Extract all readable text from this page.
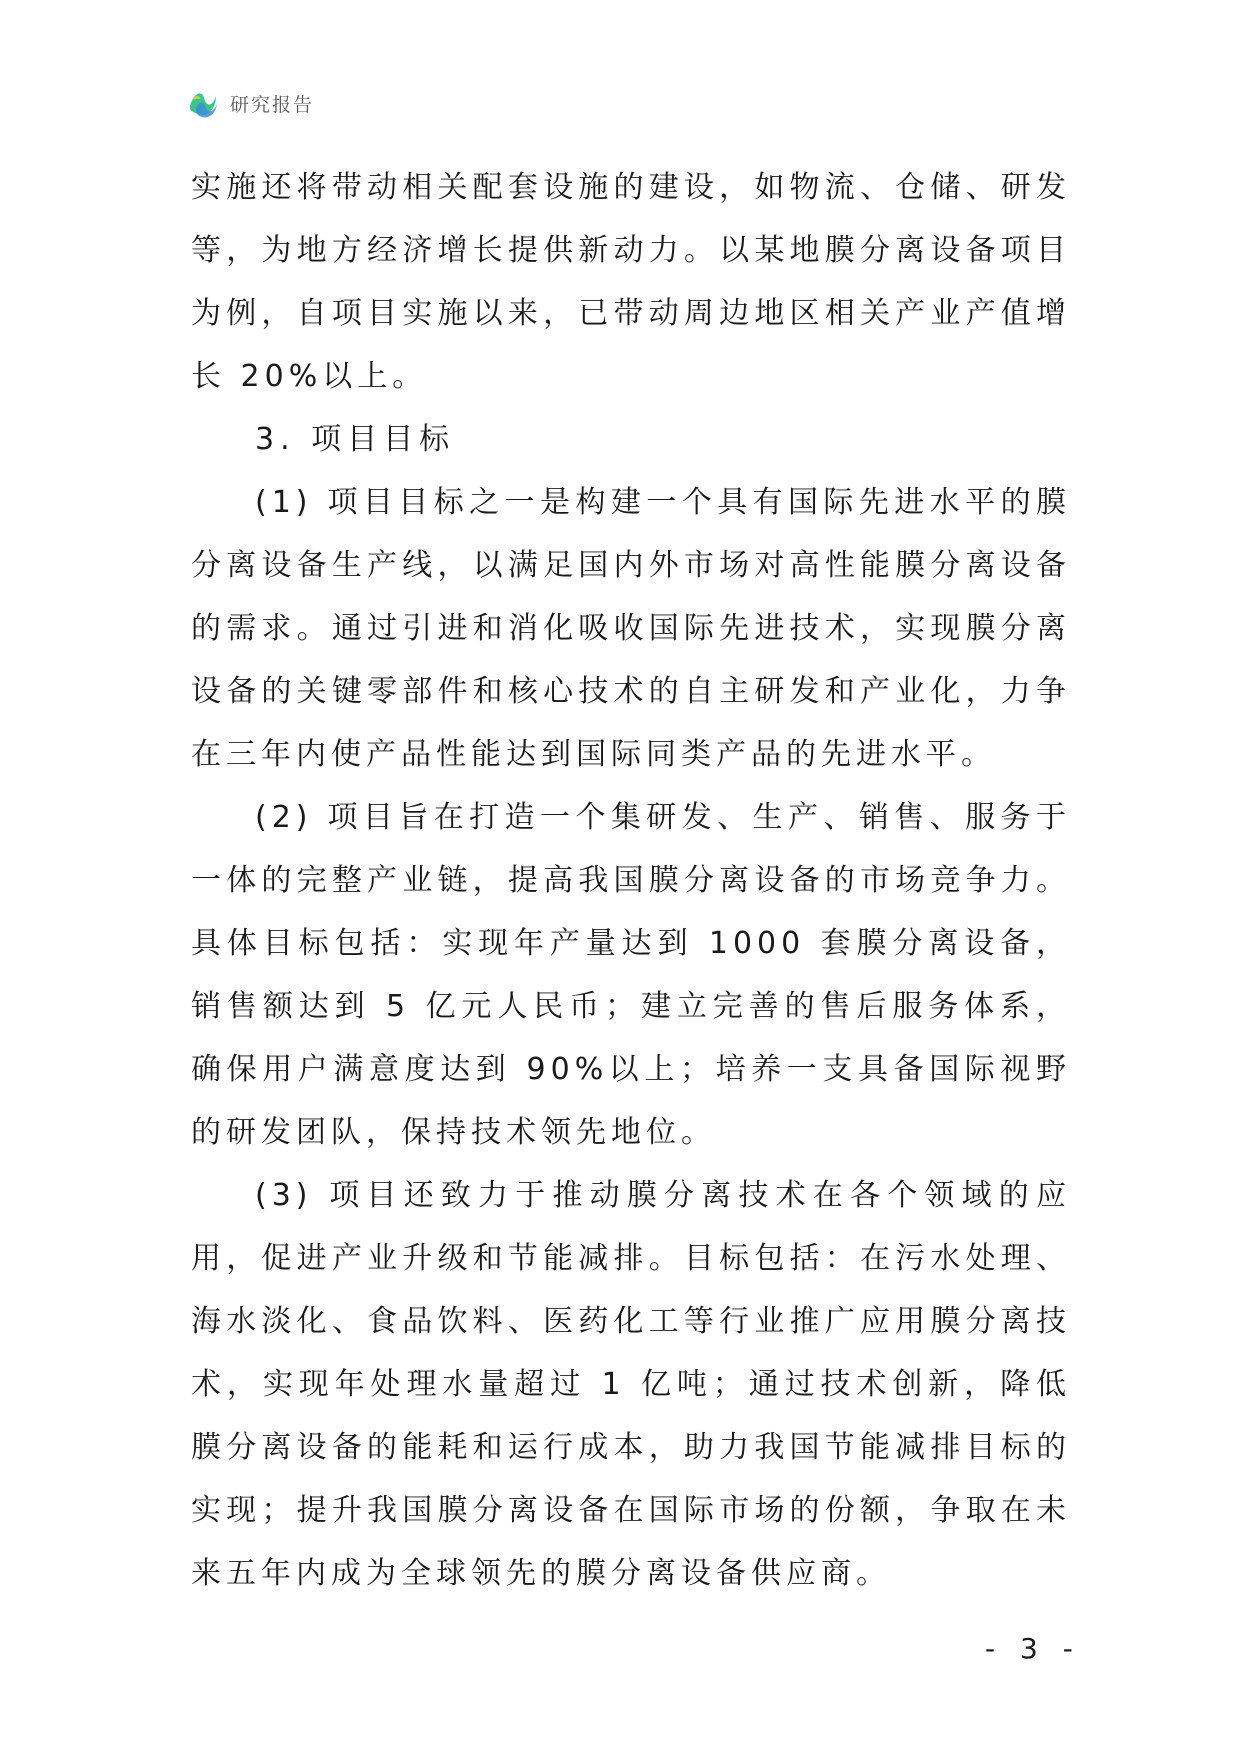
研究报告

实施还将带动相关配套设施的建设，如物流、仓储、研发等，为地方经济增长提供新动力。以某地膜分离设备项目为例，自项目实施以来，已带动周边地区相关产业产值增长 20%以上。

3. 项目目标

(1) 项目目标之一是构建一个具有国际先进水平的膜分离设备生产线，以满足国内外市场对高性能膜分离设备的需求。通过引进和消化吸收国际先进技术，实现膜分离设备的关键零部件和核心技术的自主研发和产业化，力争在三年内使产品性能达到国际同类产品的先进水平。

(2) 项目旨在打造一个集研发、生产、销售、服务于一体的完整产业链，提高我国膜分离设备的市场竞争力。具体目标包括：实现年产量达到 1000 套膜分离设备，销售额达到 5 亿元人民币；建立完善的售后服务体系，确保用户满意度达到 90%以上；培养一支具备国际视野的研发团队，保持技术领先地位。

(3) 项目还致力于推动膜分离技术在各个领域的应用，促进产业升级和节能减排。目标包括：在污水处理、海水淡化、食品饮料、医药化工等行业推广应用膜分离技术，实现年处理水量超过 1 亿吨；通过技术创新，降低膜分离设备的能耗和运行成本，助力我国节能减排目标的实现；提升我国膜分离设备在国际市场的份额，争取在未来五年内成为全球领先的膜分离设备供应商。

- 3 -
